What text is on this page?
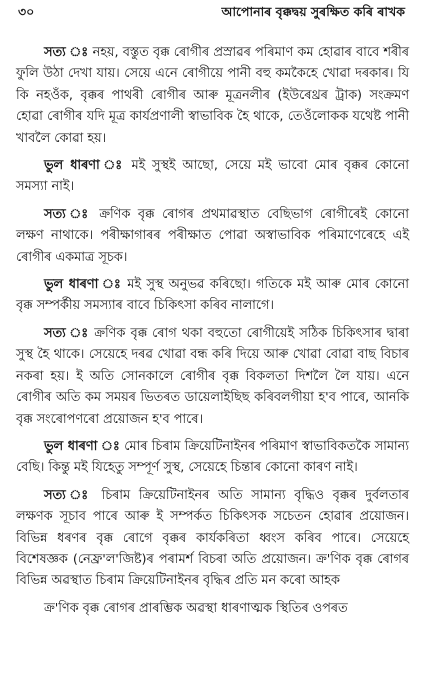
৩০	আপোনাৰ বৃক্কদ্বয় সুৰক্ষিত কৰি ৰাখক

সত্য ঃ নহয়, বস্তুত বৃক্ক ৰোগীৰ প্ৰস্ৰাৱৰ পৰিমাণ কম হোৱাৰ বাবে শৰীৰ ফুলি উঠা দেখা যায়। সেয়ে এনে ৰোগীয়ে পানী বহু কমকৈহে খোৱা দৰকাৰ। যি কি নহওঁক, বৃক্কৰ পাথৰী ৰোগীৰ আৰু মূত্ৰনলীৰ (ইউৰেথ্ৰৰ ট্ৰাক) সংক্ৰমণ হোৱা ৰোগীৰ যদি মূত্ৰ কাৰ্যপ্ৰণালী স্বাভাবিক হৈ থাকে, তেওঁলোকক যথেষ্ট পানী খাবলৈ কোৱা হয়।

ভুল ধাৰণা ঃ মই সুস্থই আছো, সেয়ে মই ভাবো মোৰ বৃক্কৰ কোনো সমস্যা নাই।

সত্য ঃ ক্ৰণিক বৃক্ক ৰোগৰ প্ৰথমাৱস্থাত বেছিভাগ ৰোগীৰেই কোনো লক্ষণ নাথাকে। পৰীক্ষাগাৰৰ পৰীক্ষাত পোৱা অস্বাভাবিক পৰিমাণেৰেহে এই ৰোগীৰ একমাত্ৰ সূচক।

ভুল ধাৰণা ঃ মই সুস্থ অনুভৱ কৰিছো। গতিকে মই আৰু মোৰ কোনো বৃক্ক সম্পৰ্কীয় সমস্যাৰ বাবে চিকিৎসা কৰিব নালাগে।

সত্য ঃ ক্ৰণিক বৃক্ক ৰোগ থকা বহুতো ৰোগীয়েই সঠিক চিকিৎসাৰ দ্বাৰা সুস্থ হৈ থাকে। সেয়েহে দৰৱ খোৱা বন্ধ কৰি দিয়ে আৰু খোৱা বোৱা বাছ বিচাৰ নকৰা হয়। ই অতি সোনকালে ৰোগীৰ বৃক্ক বিকলতা দিশলৈ লৈ যায়। এনে ৰোগীৰ অতি কম সময়ৰ ভিতৰত ডায়েলাইছিছ কৰিবলগীয়া হ'ব পাৰে, আনকি বৃক্ক সংৰোপণৰো প্ৰয়োজন হ'ব পাৰে।

ভুল ধাৰণা ঃ মোৰ চিৰাম ক্ৰিয়েটিনাইনৰ পৰিমাণ স্বাভাবিকতকৈ সামান্য বেছি। কিন্তু মই যিহেতু সম্পূৰ্ণ সুস্থ, সেয়েহে চিন্তাৰ কোনো কাৰণ নাই।

সত্য ঃ চিৰাম ক্ৰিয়েটিনাইনৰ অতি সামান্য বৃদ্ধিও বৃক্কৰ দুৰ্বলতাৰ লক্ষণক সূচাব পাৰে আৰু ই সম্পৰ্কত চিকিৎসক সচেতন হোৱাৰ প্ৰয়োজন। বিভিন্ন ধৰণৰ বৃক্ক ৰোগে বৃক্কৰ কাৰ্যকৰিতা ধ্বংস কৰিব পাৰে। সেয়েহে বিশেষজ্ঞক (নেফ্ৰ'ল'জিষ্ট)ৰ পৰামৰ্শ বিচৰা অতি প্ৰয়োজন। ক্ৰ'ণিক বৃক্ক ৰোগৰ বিভিন্ন অৱস্থাত চিৰাম ক্ৰিয়েটিনাইনৰ বৃদ্ধিৰ প্ৰতি মন কৰো আহক

ক্ৰ'ণিক বৃক্ক ৰোগৰ প্ৰাৰম্ভিক অৱস্থা ধাৰণাত্মক স্থিতিৰ ওপৰত
